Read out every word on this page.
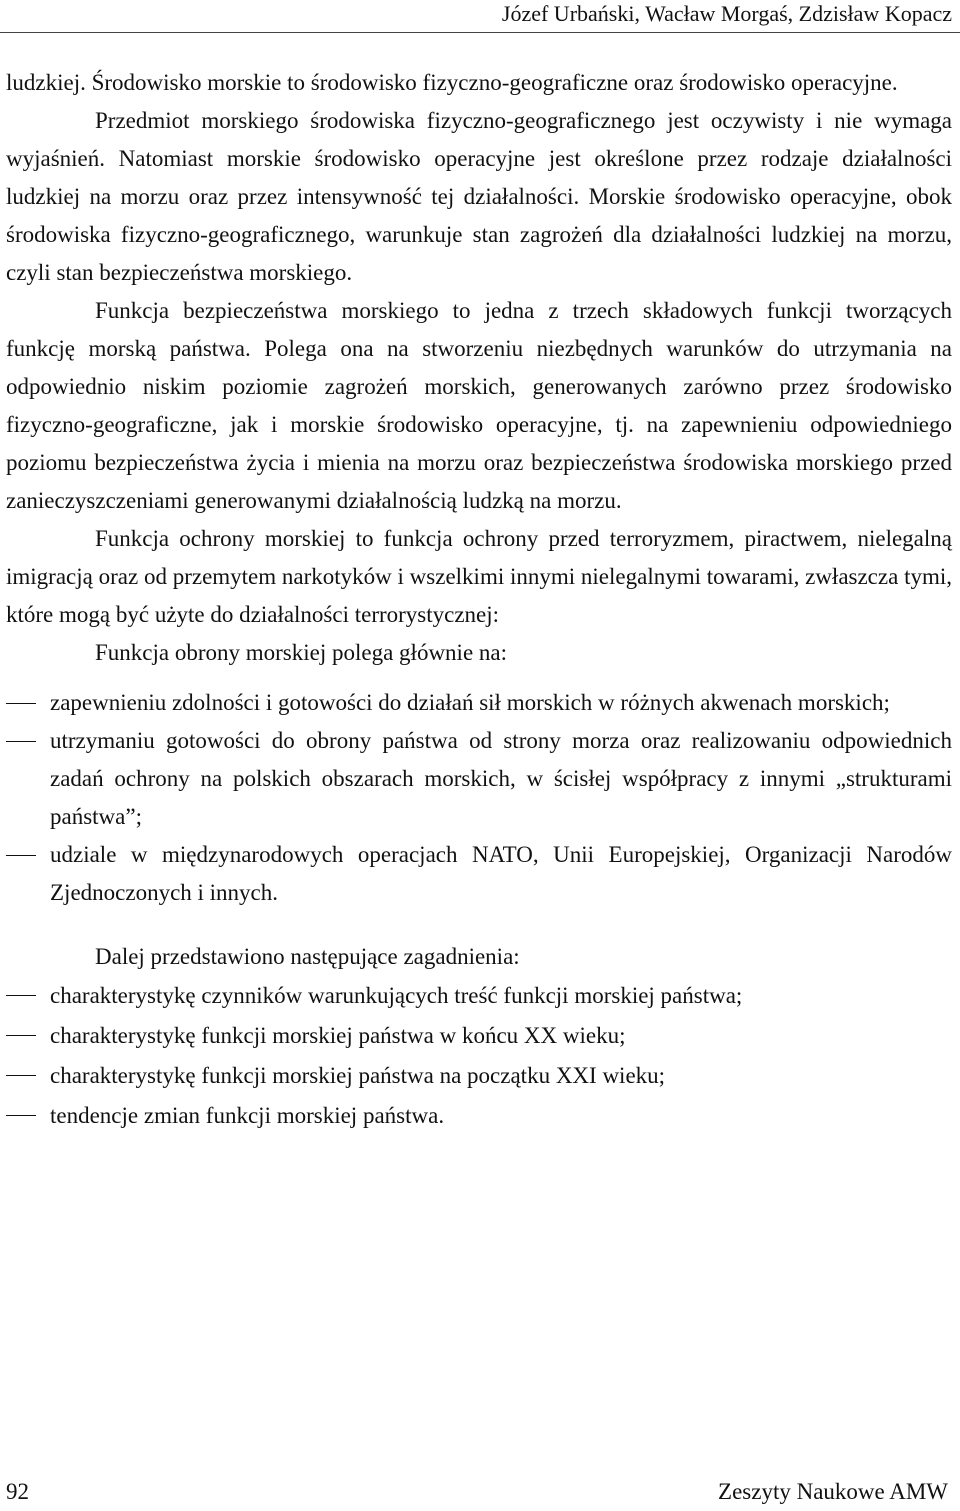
Józef Urbański, Wacław Morgaś, Zdzisław Kopacz

ludzkiej. Środowisko morskie to środowisko fizyczno-geograficzne oraz środowisko operacyjne.

Przedmiot morskiego środowiska fizyczno-geograficznego jest oczywisty i nie wymaga wyjaśnień. Natomiast morskie środowisko operacyjne jest określone przez rodzaje działalności ludzkiej na morzu oraz przez intensywność tej działalności. Morskie środowisko operacyjne, obok środowiska fizyczno-geograficznego, warunkuje stan zagrożeń dla działalności ludzkiej na morzu, czyli stan bezpieczeństwa morskiego.

Funkcja bezpieczeństwa morskiego to jedna z trzech składowych funkcji tworzących funkcję morską państwa. Polega ona na stworzeniu niezbędnych warunków do utrzymania na odpowiednio niskim poziomie zagrożeń morskich, generowanych zarówno przez środowisko fizyczno-geograficzne, jak i morskie środowisko operacyjne, tj. na zapewnieniu odpowiedniego poziomu bezpieczeństwa życia i mienia na morzu oraz bezpieczeństwa środowiska morskiego przed zanieczyszczeniami generowanymi działalnością ludzką na morzu.

Funkcja ochrony morskiej to funkcja ochrony przed terroryzmem, piractwem, nielegalną imigracją oraz od przemytem narkotyków i wszelkimi innymi nielegalnymi towarami, zwłaszcza tymi, które mogą być użyte do działalności terrorystycznej:

Funkcja obrony morskiej polega głównie na:

zapewnieniu zdolności i gotowości do działań sił morskich w różnych akwenach morskich;
utrzymaniu gotowości do obrony państwa od strony morza oraz realizowaniu odpowiednich zadań ochrony na polskich obszarach morskich, w ścisłej współpracy z innymi „strukturami państwa”;
udziale w międzynarodowych operacjach NATO, Unii Europejskiej, Organizacji Narodów Zjednoczonych i innych.

Dalej przedstawiono następujące zagadnienia:

charakterystykę czynników warunkujących treść funkcji morskiej państwa;
charakterystykę funkcji morskiej państwa w końcu XX wieku;
charakterystykę funkcji morskiej państwa na początku XXI wieku;
tendencje zmian funkcji morskiej państwa.
92	Zeszyty Naukowe AMW
